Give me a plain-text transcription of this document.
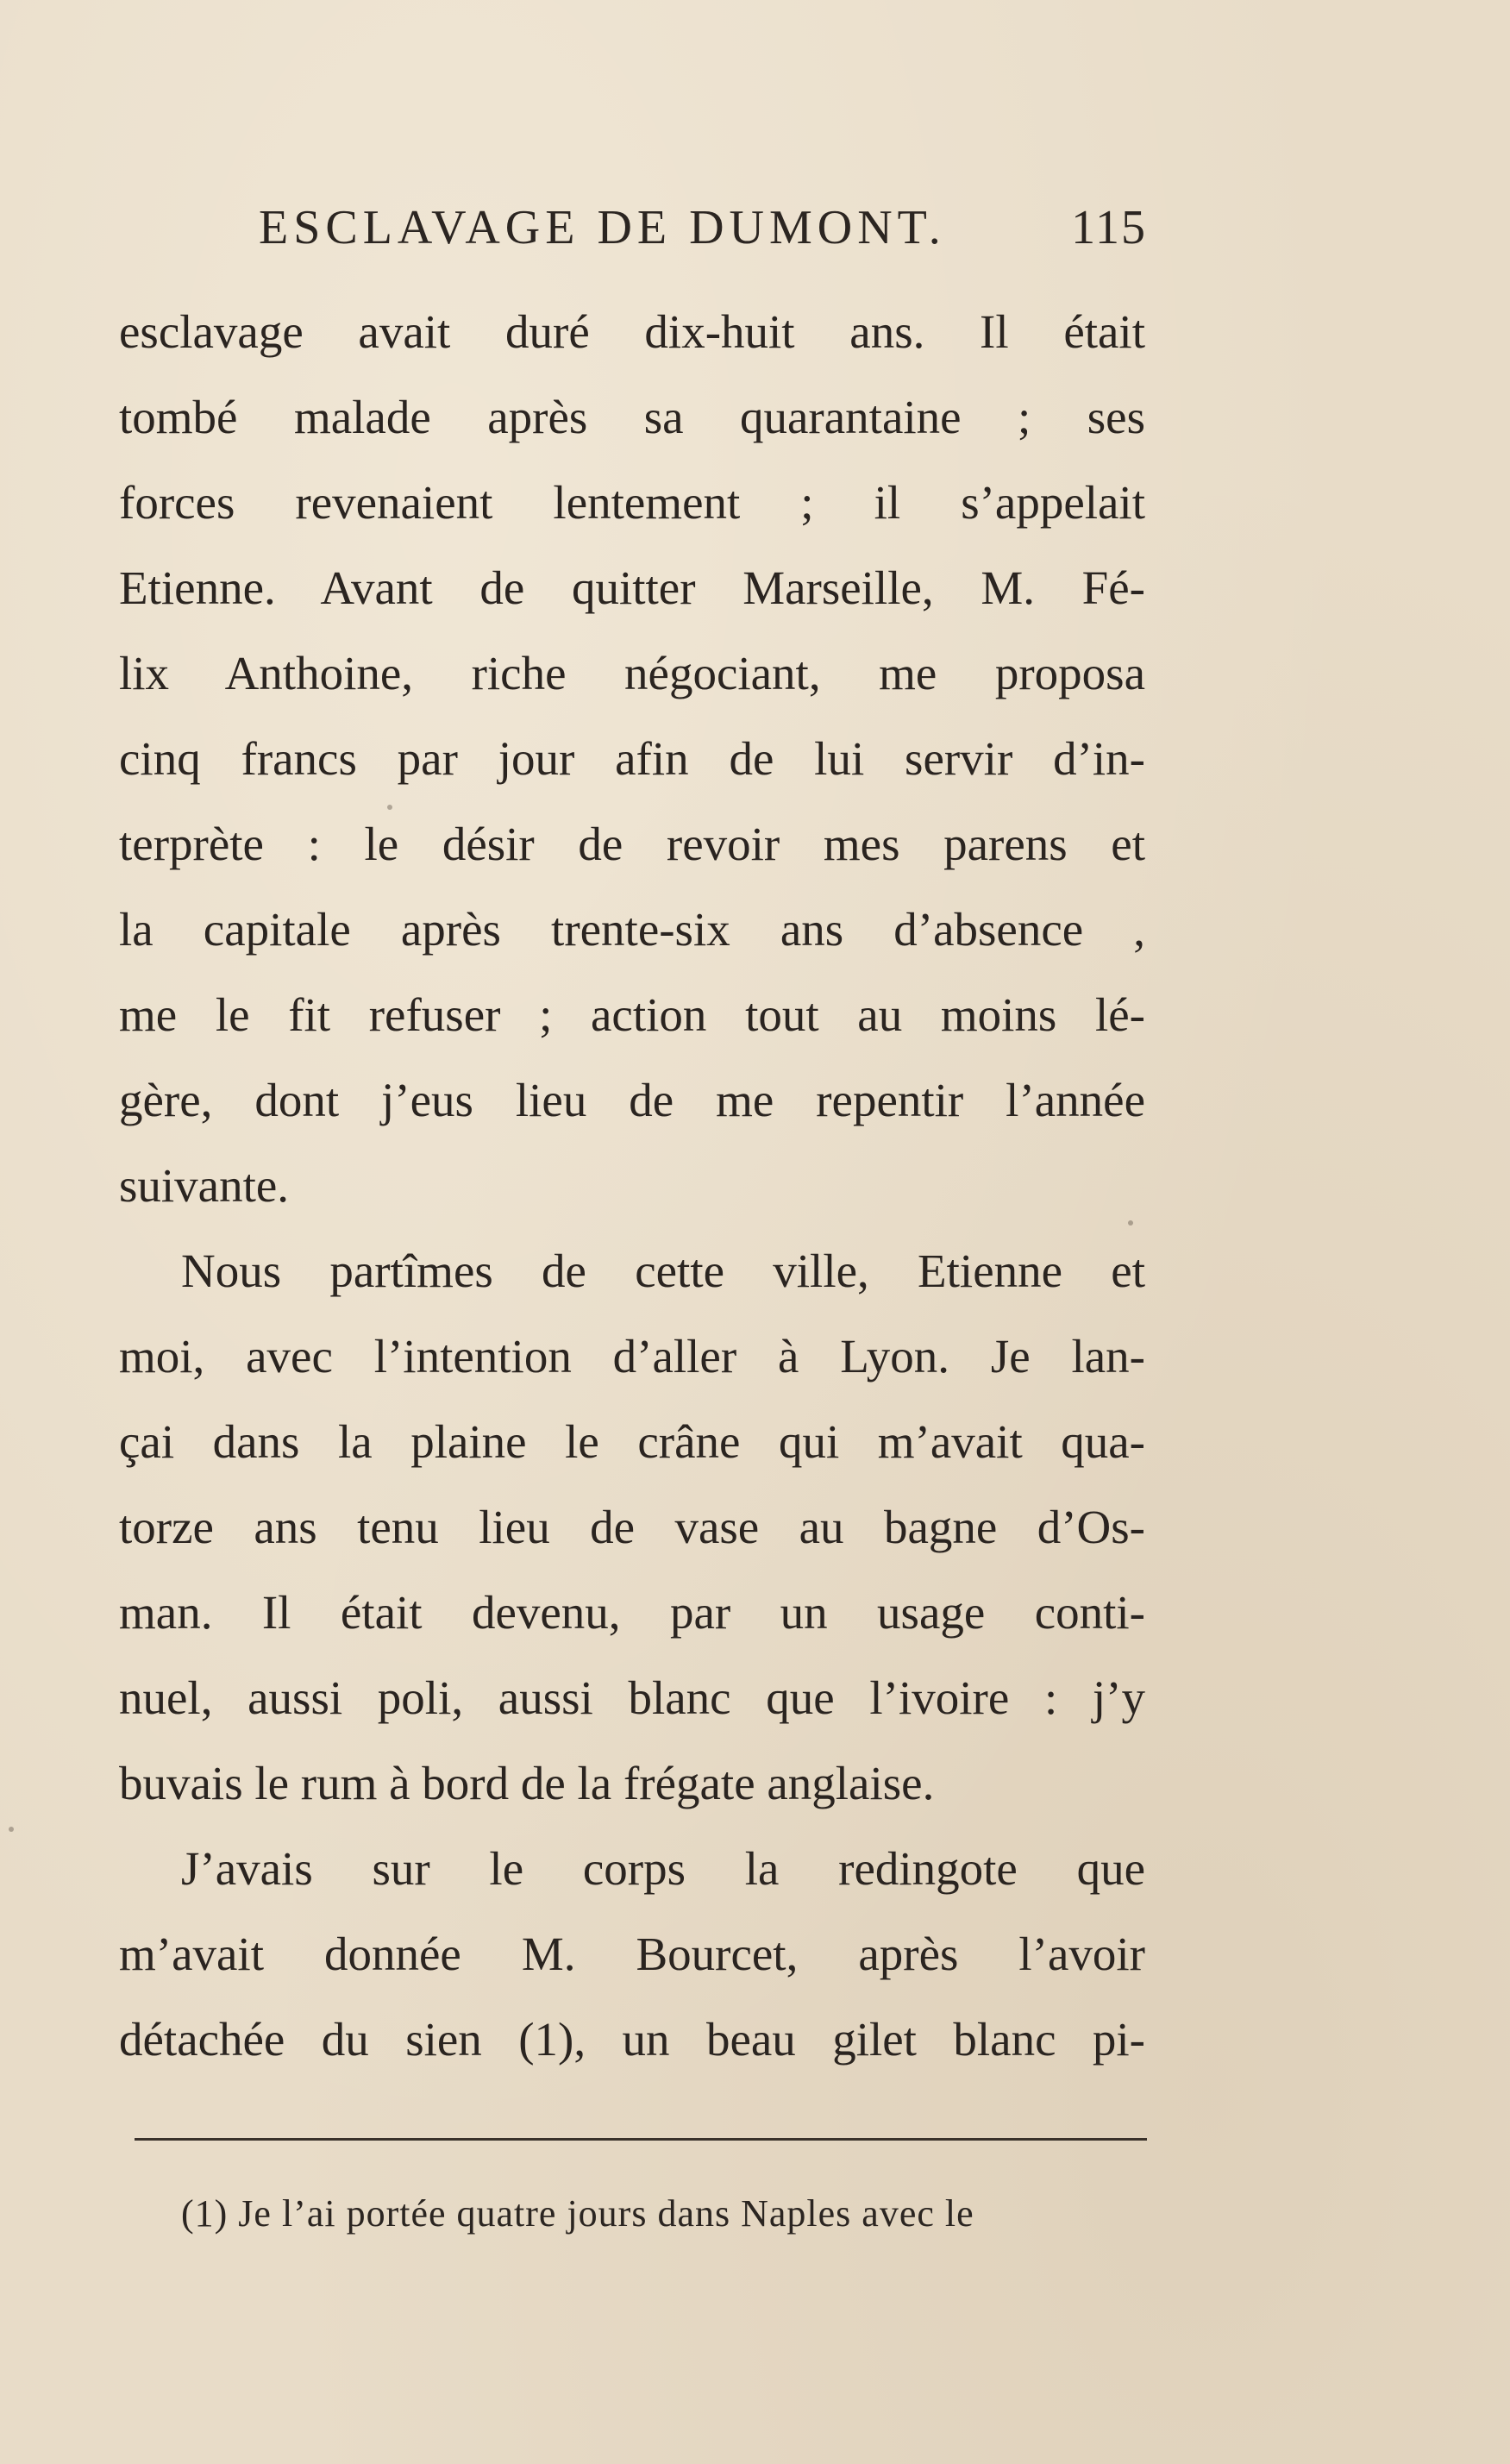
ESCLAVAGE DE DUMONT.	115
esclavage avait duré dix-huit ans. Il était
tombé malade après sa quarantaine ; ses
forces revenaient lentement ; il s’appelait
Etienne. Avant de quitter Marseille, M. Fé-
lix Anthoine, riche négociant, me proposa
cinq francs par jour afin de lui servir d’in-
terprète : le désir de revoir mes parens et
la capitale après trente-six ans d’absence ,
me le fit refuser ; action tout au moins lé-
gère, dont j’eus lieu de me repentir l’année
suivante.
Nous partîmes de cette ville, Etienne et
moi, avec l’intention d’aller à Lyon. Je lan-
çai dans la plaine le crâne qui m’avait qua-
torze ans tenu lieu de vase au bagne d’Os-
man. Il était devenu, par un usage conti-
nuel, aussi poli, aussi blanc que l’ivoire : j’y
buvais le rum à bord de la frégate anglaise.
J’avais sur le corps la redingote que
m’avait donnée M. Bourcet, après l’avoir
détachée du sien (1), un beau gilet blanc pi-
(1) Je l’ai portée quatre jours dans Naples avec le
